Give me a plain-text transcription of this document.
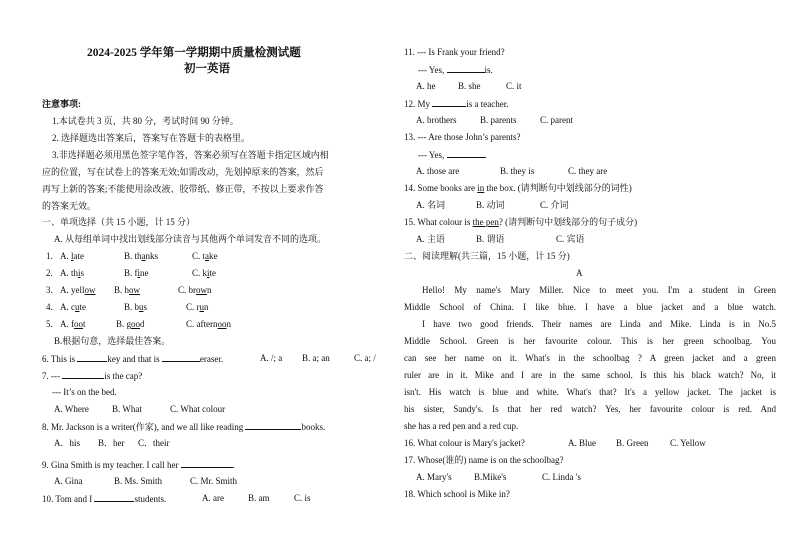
2024-2025 学年第一学期期中质量检测试题
初一英语
注意事项:
1.本试卷共 3 页，共 80 分，考试时间 90 分钟。
2. 选择题选出答案后，答案写在答题卡的表格里。
3.非选择题必须用黑色签字笔作答，答案必须写在答题卡指定区域内相
应的位置，写在试卷上的答案无效;如需改动，先划掉原来的答案，然后
再写上新的答案;不能使用涂改液、胶带纸、修正带，不按以上要求作答
的答案无效。
一、单项选择（共 15 小题，计 15 分）
A. 从每组单词中找出划线部分读音与其他两个单词发音不同的选项。
1. A. late	B. thanks	C. take
2. A. this	B. fine	C. kite
3. A. yellow B. how	C. brown
4. A. cute	B. bus	C. run
5. A. foot	B. good	C. afternoon
B.根据句意，选择最佳答案。
6. This is	key and that is	eraser.	A. /; a B. a; an	C. a; /
7. ---	is the cap?
--- It’s on the bed.
A. Where	B. What	C. What colour
8. Mr. Jackson is a writer(作家), and we all like reading	books.
A．his B．her C．their
9. Gina Smith is my teacher. I call her	.
A. Gina	B. Ms. Smith	C. Mr. Smith
10. Tom and I	students.	A. are	B. am	C. is
11. --- Is Frank your friend?
--- Yes,	is.
A. he	B. she	C. it
12. My	is a teacher.
A. brothers	B. parents	C. parent
13. --- Are those John’s parents?
--- Yes,	.
A. those are	B. they is	C. they are
14. Some books are in the box. (请判断句中划线部分的词性)
A. 名词	B. 动词	C. 介词
15. What colour is the pen? (请判断句中划线部分的句子成分)
A. 主语	B. 谓语	C. 宾语
二、阅读理解(共三篇，15 小题，计 15 分)
A
Hello! My name's Mary Miller. Nice to meet you. I'm a student in Green
Middle School of China. I like blue. I have a blue jacket and a blue watch.
I have two good friends. Their names are Linda and Mike. Linda is in No.5
Middle School. Green is her favourite colour. This is her green schoolbag. You
can see her name on it. What's in the schoolbag ? A green jacket and a green
ruler are in it. Mike and I are in the same school. Is this his black watch? No, it
isn't. His watch is blue and white. What's that? It's a yellow jacket. The jacket is
his sister, Sandy's. Is that her red watch? Yes, her favourite colour is red. And
she has a red pen and a red cup.
16. What colour is Mary's jacket?	A. Blue B. Green C. Yellow
17. Whose(谁的) name is on the schoolbag?
A. Mary's B.Mike's	C. Linda 's
18. Which school is Mike in?
